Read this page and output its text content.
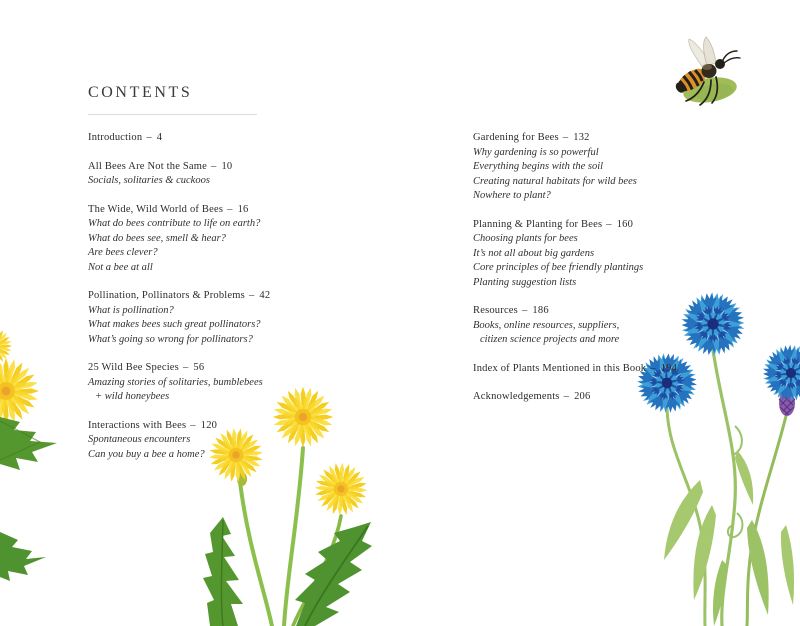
CONTENTS

Introduction – 4

All Bees Are Not the Same – 10

Socials, solitaries & cuckoos

The Wide, Wild World of Bees – 16

What do bees contribute to life on earth?

What do bees see, smell & hear?

Are bees clever?

Not a bee at all

Pollination, Pollinators & Problems – 42

What is pollination?

What makes bees such great pollinators?

What’s going so wrong for pollinators?

25 Wild Bee Species – 56

Amazing stories of solitaries, bumblebees

+ wild honeybees

Interactions with Bees – 120

Spontaneous encounters

Can you buy a bee a home?

Gardening for Bees – 132

Why gardening is so powerful

Everything begins with the soil

Creating natural habitats for wild bees

Nowhere to plant?

Planning & Planting for Bees – 160

Choosing plants for bees

It’s not all about big gardens

Core principles of bee friendly plantings

Planting suggestion lists

Resources – 186

Books, online resources, suppliers,

citizen science projects and more

Index of Plants Mentioned in this Book – 194

Acknowledgements – 206
